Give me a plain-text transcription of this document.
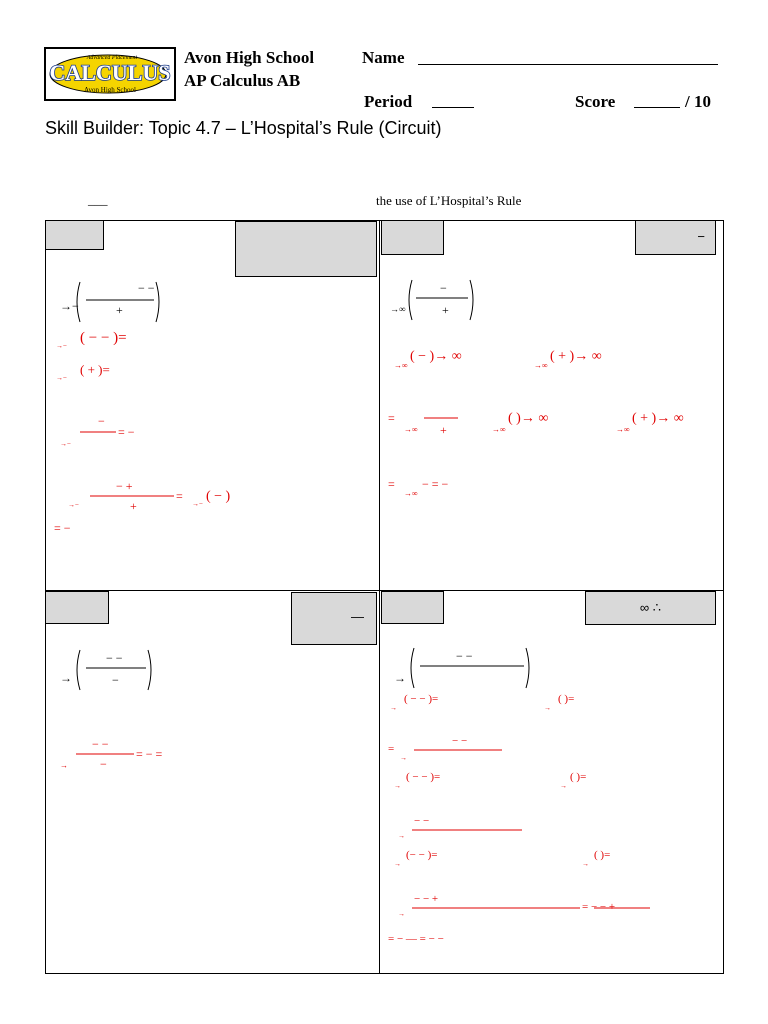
Advanced Placement
CALCULUS
Avon High School
Avon High School	Name
AP Calculus AB
Period	Score	/ 10
Skill Builder: Topic 4.7 – L’Hospital’s Rule (Circuit)
___	the use of L’Hospital’s Rule
→−
− −
+
→− ( − − )=
→−
( + )=
−
= −
→−
− +
+
→−
=
→− ( − )
= −
−
→∞
−
+
→∞
( − )→ ∞
→∞
( + )→ ∞
=
→∞ +	→∞
( )→ ∞
→∞
( + )→ ∞
=
→∞
− = −
—
→
− −
−
− −
−
= − =
→
∞ ∴
→
− −
→
( − − )=
→
( )=
=
→
− −
→
( − − )=
→
( )=
− −
→
→
(− − )=
→
( )=
− − +
= − − +
→
= − — = − −
